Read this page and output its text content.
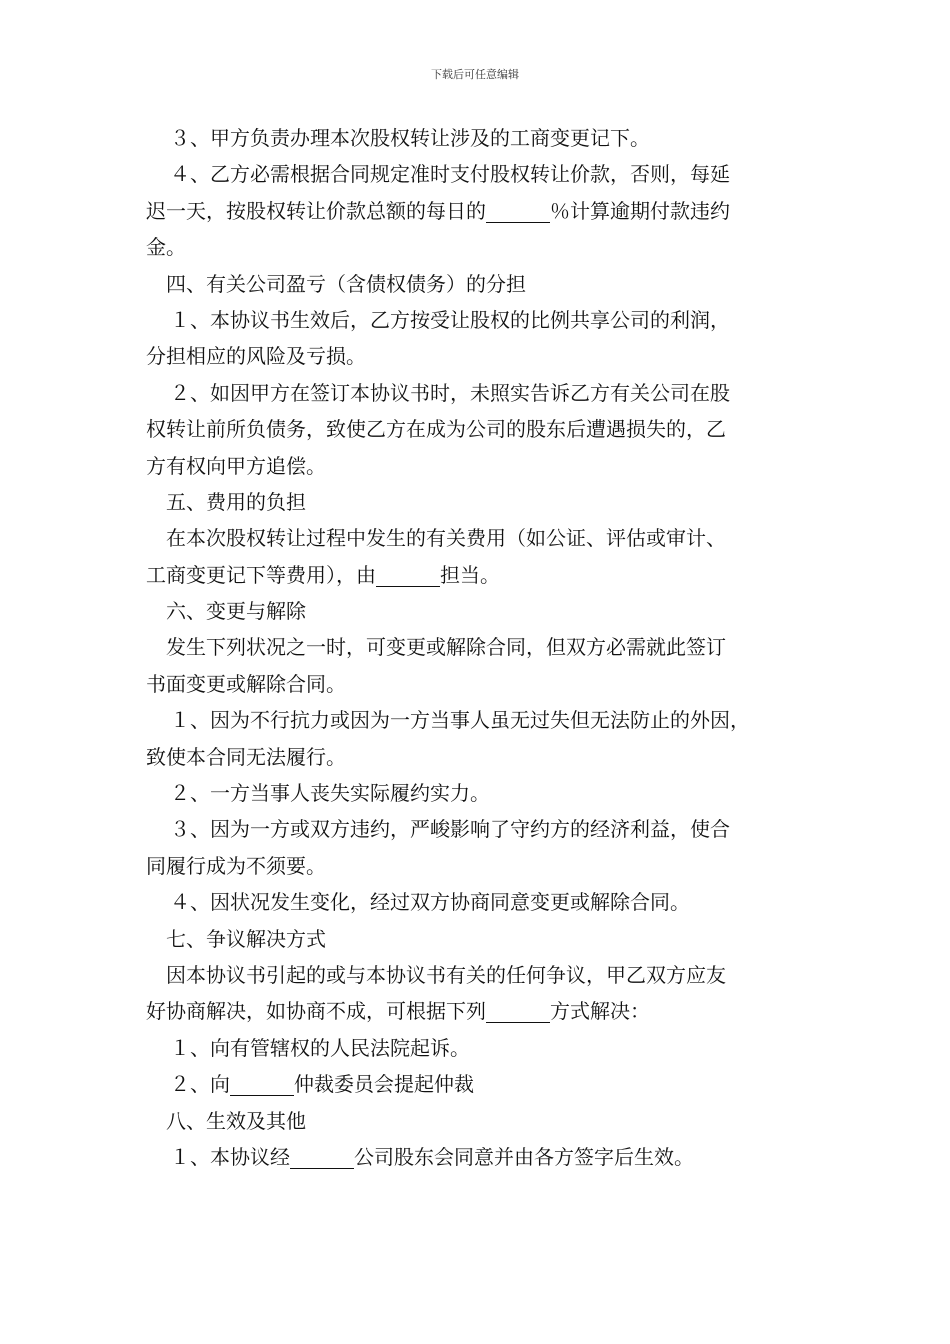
下载后可任意编辑
３、甲方负责办理本次股权转让涉及的工商变更记下。
４、乙方必需根据合同规定准时支付股权转让价款，否则，每延
迟一天，按股权转让价款总额的每日的	％计算逾期付款违约
金。
四、有关公司盈亏（含债权债务）的分担
１、本协议书生效后，乙方按受让股权的比例共享公司的利润，
分担相应的风险及亏损。
２、如因甲方在签订本协议书时，未照实告诉乙方有关公司在股
权转让前所负债务，致使乙方在成为公司的股东后遭遇损失的，乙
方有权向甲方追偿。
五、费用的负担
在本次股权转让过程中发生的有关费用（如公证、评估或审计、
工商变更记下等费用），由	担当。
六、变更与解除
发生下列状况之一时，可变更或解除合同，但双方必需就此签订
书面变更或解除合同。
１、因为不行抗力或因为一方当事人虽无过失但无法防止的外因，
致使本合同无法履行。
２、一方当事人丧失实际履约实力。
３、因为一方或双方违约，严峻影响了守约方的经济利益，使合
同履行成为不须要。
４、因状况发生变化，经过双方协商同意变更或解除合同。
七、争议解决方式
因本协议书引起的或与本协议书有关的任何争议，甲乙双方应友
好协商解决，如协商不成，可根据下列	方式解决：
１、向有管辖权的人民法院起诉。
２、向	仲裁委员会提起仲裁
八、生效及其他
１、本协议经	公司股东会同意并由各方签字后生效。
